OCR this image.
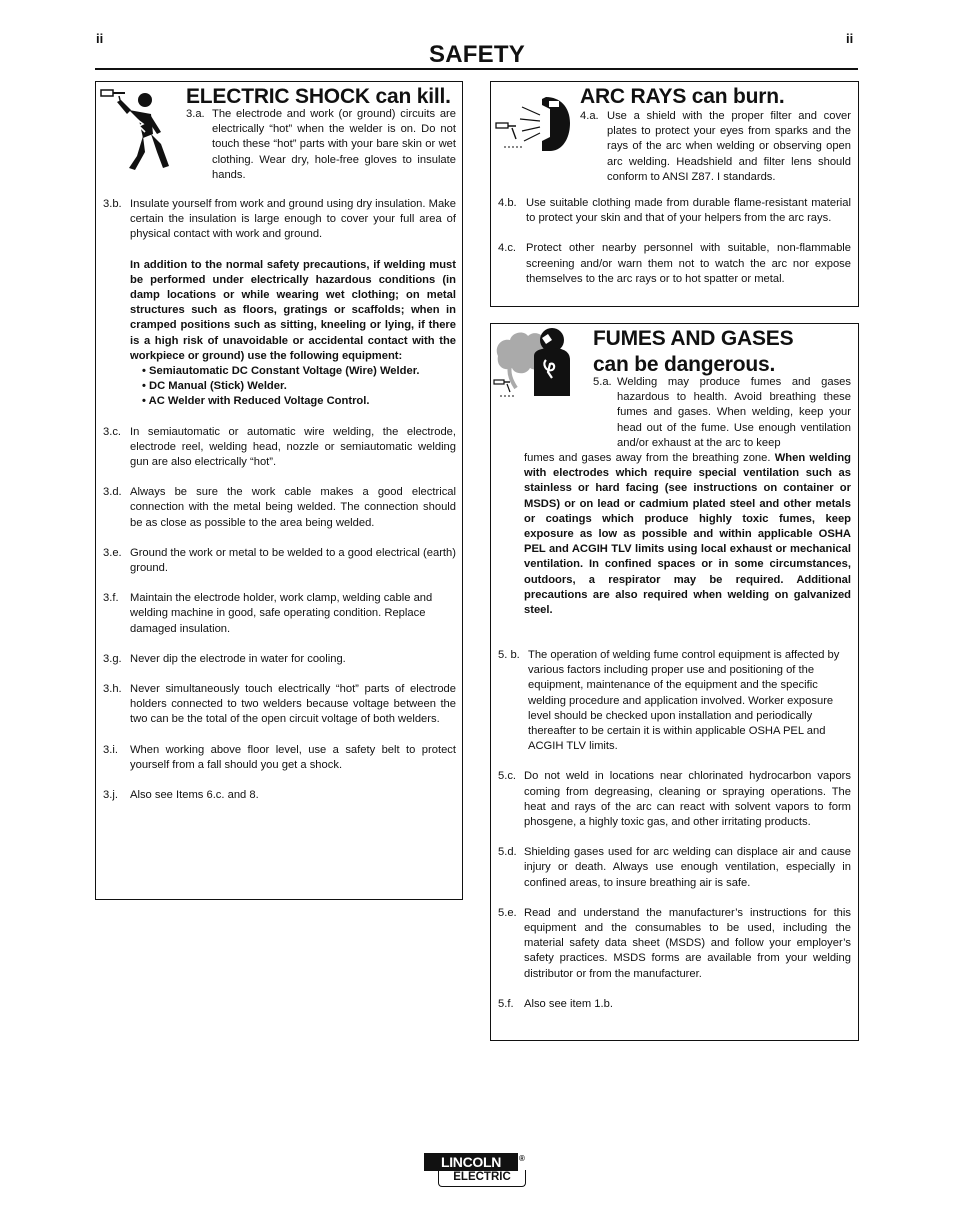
ii	ii
SAFETY
ELECTRIC SHOCK can kill.
3.a. The electrode and work (or ground) circuits are electrically “hot” when the welder is on. Do not touch these “hot” parts with your bare skin or wet clothing. Wear dry, hole-free gloves to insulate hands.
3.b. Insulate yourself from work and ground using dry insulation. Make certain the insulation is large enough to cover your full area of physical contact with work and ground.
In addition to the normal safety precautions, if welding must be performed under electrically hazardous conditions (in damp locations or while wearing wet clothing; on metal structures such as floors, gratings or scaffolds; when in cramped positions such as sitting, kneeling or lying, if there is a high risk of unavoidable or accidental contact with the workpiece or ground) use the following equipment:
• Semiautomatic DC Constant Voltage (Wire) Welder.
• DC Manual (Stick) Welder.
• AC Welder with Reduced Voltage Control.
3.c. In semiautomatic or automatic wire welding, the electrode, electrode reel, welding head, nozzle or semiautomatic welding gun are also electrically “hot”.
3.d. Always be sure the work cable makes a good electrical connection with the metal being welded. The connection should be as close as possible to the area being welded.
3.e. Ground the work or metal to be welded to a good electrical (earth) ground.
3.f. Maintain the electrode holder, work clamp, welding cable and welding machine in good, safe operating condition. Replace damaged insulation.
3.g. Never dip the electrode in water for cooling.
3.h. Never simultaneously touch electrically “hot” parts of electrode holders connected to two welders because voltage between the two can be the total of the open circuit voltage of both welders.
3.i. When working above floor level, use a safety belt to protect yourself from a fall should you get a shock.
3.j. Also see Items 6.c. and 8.
ARC RAYS can burn.
4.a. Use a shield with the proper filter and cover plates to protect your eyes from sparks and the rays of the arc when welding or observing open arc welding. Headshield and filter lens should conform to ANSI Z87. I standards.
4.b. Use suitable clothing made from durable flame-resistant material to protect your skin and that of your helpers from the arc rays.
4.c. Protect other nearby personnel with suitable, non-flammable screening and/or warn them not to watch the arc nor expose themselves to the arc rays or to hot spatter or metal.
FUMES AND GASES
can be dangerous.
5.a. Welding may produce fumes and gases hazardous to health. Avoid breathing these fumes and gases. When welding, keep your head out of the fume. Use enough ventilation and/or exhaust at the arc to keep
fumes and gases away from the breathing zone. When welding with electrodes which require special ventilation such as stainless or hard facing (see instructions on container or MSDS) or on lead or cadmium plated steel and other metals or coatings which produce highly toxic fumes, keep exposure as low as possible and within applicable OSHA PEL and ACGIH TLV limits using local exhaust or mechanical ventilation. In confined spaces or in some circumstances, outdoors, a respirator may be required. Additional precautions are also required when welding on galvanized steel.
5. b. The operation of welding fume control equipment is affected by various factors including proper use and positioning of the equipment, maintenance of the equipment and the specific welding procedure and application involved. Worker exposure level should be checked upon installation and periodically thereafter to be certain it is within applicable OSHA PEL and ACGIH TLV limits.
5.c. Do not weld in locations near chlorinated hydrocarbon vapors coming from degreasing, cleaning or spraying operations. The heat and rays of the arc can react with solvent vapors to form phosgene, a highly toxic gas, and other irritating products.
5.d. Shielding gases used for arc welding can displace air and cause injury or death. Always use enough ventilation, especially in confined areas, to insure breathing air is safe.
5.e. Read and understand the manufacturer’s instructions for this equipment and the consumables to be used, including the material safety data sheet (MSDS) and follow your employer’s safety practices. MSDS forms are available from your welding distributor or from the manufacturer.
5.f. Also see item 1.b.
LINCOLN	®
ELECTRIC
